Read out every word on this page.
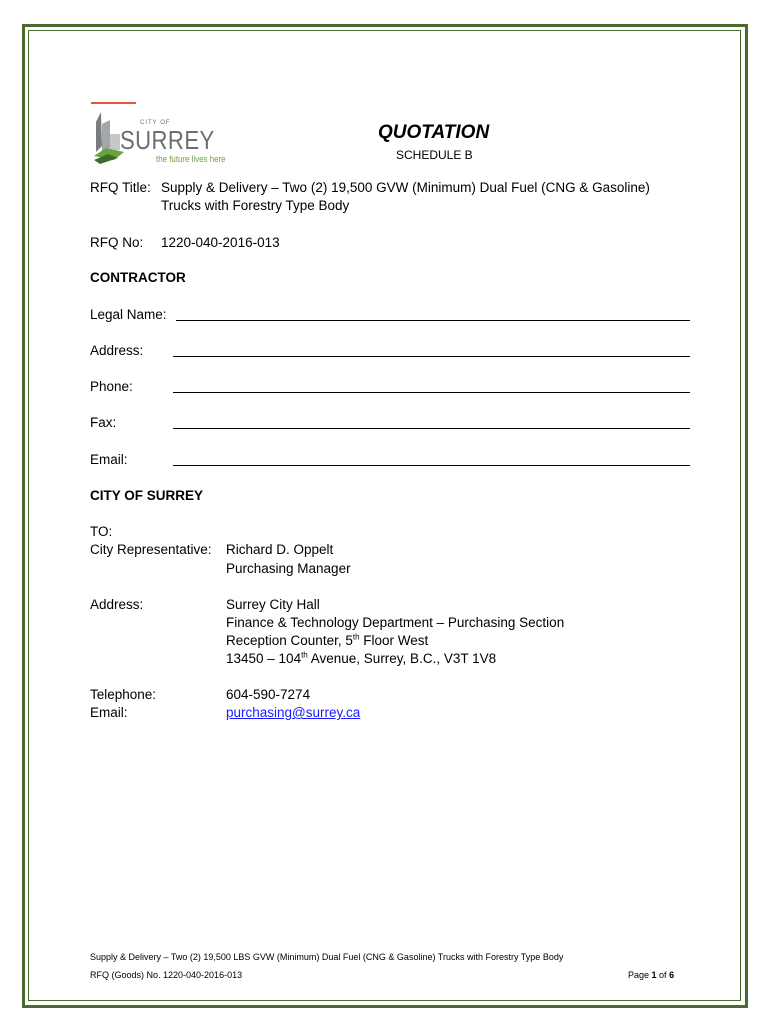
CITY OF
SURREY
the future lives here
QUOTATION
SCHEDULE B
RFQ Title: Supply & Delivery – Two (2) 19,500 GVW (Minimum) Dual Fuel (CNG & Gasoline)
Trucks with Forestry Type Body
RFQ No: 1220-040-2016-013
CONTRACTOR
Legal Name:
Address:
Phone:
Fax:
Email:
CITY OF SURREY
TO:
City Representative: Richard D. Oppelt
Purchasing Manager
Address:	Surrey City Hall
Finance & Technology Department – Purchasing Section
Reception Counter, 5th Floor West
13450 – 104th Avenue, Surrey, B.C., V3T 1V8
Telephone:	604-590-7274
Email:	purchasing@surrey.ca
Supply & Delivery – Two (2) 19,500 LBS GVW (Minimum) Dual Fuel (CNG & Gasoline) Trucks with Forestry Type Body
RFQ (Goods) No. 1220-040-2016-013	Page 1 of 6
